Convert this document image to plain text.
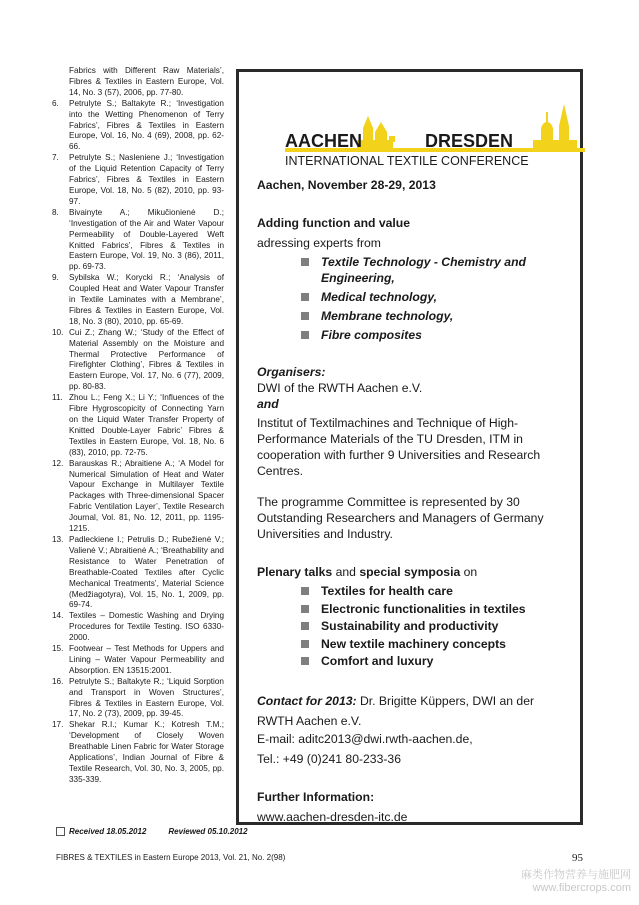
Fabrics with Different Raw Materials’, Fibres & Textiles in Eastern Europe, Vol. 14, No. 3 (57), 2006, pp. 77-80.
6.	Petrulyte S.; Baltakyte R.; ‘Investigation into the Wetting Phenomenon of Terry Fabrics’, Fibres & Textiles in Eastern Europe, Vol. 16, No. 4 (69), 2008, pp. 62-66.
7.	Petrulyte S.; Nasleniene J.; ‘Investigation of the Liquid Retention Capacity of Terry Fabrics’, Fibres & Textiles in Eastern Europe, Vol. 18, No. 5 (82), 2010, pp. 93-97.
8.	Bivainyte A.; Mikučionienė D.; ‘Investigation of the Air and Water Vapour Permeability of Double-Layered Weft Knitted Fabrics’, Fibres & Textiles in Eastern Europe, Vol. 19, No. 3 (86), 2011, pp. 69-73.
9.	Sybilska W.; Korycki R.; ‘Analysis of Coupled Heat and Water Vapour Transfer in Textile Laminates with a Membrane’, Fibres & Textiles in Eastern Europe, Vol. 18, No. 3 (80), 2010, pp. 65-69.
10. Cui Z.; Zhang W.; ‘Study of the Effect of Material Assembly on the Moisture and Thermal Protective Performance of Firefighter Clothing’, Fibres & Textiles in Eastern Europe, Vol. 17, No. 6 (77), 2009, pp. 80-83.
11. Zhou L.; Feng X.; Li Y.; ‘Influences of the Fibre Hygroscopicity of Connecting Yarn on the Liquid Water Transfer Property of Knitted Double-Layer Fabric’ Fibres & Textiles in Eastern Europe, Vol. 18, No. 6 (83), 2010, pp. 72-75.
12. Barauskas R.; Abraitiene A.; ‘A Model for Numerical Simulation of Heat and Water Vapour Exchange in Multilayer Textile Packages with Three-dimensional Spacer Fabric Ventilation Layer’, Textile Research Journal, Vol. 81, No. 12, 2011, pp. 1195-1215.
13. Padleckiene I.; Petrulis D.; Rubežienė V.; Valienė V.; Abraitienė A.; ‘Breathability and Resistance to Water Penetration of Breathable-Coated Textiles after Cyclic Mechanical Treatments’, Material Science (Medžiagotyra), Vol. 15, No. 1, 2009, pp. 69-74.
14. Textiles – Domestic Washing and Drying Procedures for Textile Testing. ISO 6330-2000.
15. Footwear – Test Methods for Uppers and Lining – Water Vapour Permeability and Absorption. EN 13515:2001.
16. Petrulyte S.; Baltakyte R.; ‘Liquid Sorption and Transport in Woven Structures’, Fibres & Textiles in Eastern Europe, Vol. 17, No. 2 (73), 2009, pp. 39-45.
17. Shekar R.I.; Kumar K.; Kotresh T.M.; ‘Development of Closely Woven Breathable Linen Fabric for Water Storage Applications’, Indian Journal of Fibre & Textile Research, Vol. 30, No. 3, 2005, pp. 335-339.
Received 18.05.2012	Reviewed 05.10.2012
FIBRES & TEXTILES in Eastern Europe 2013, Vol. 21, No. 2(98)	95
麻类作物营养与施肥网
www.fibercrops.com
AACHEN	DRESDEN
INTERNATIONAL TEXTILE CONFERENCE
Aachen, November 28-29, 2013
Adding function and value
adressing experts from
Textile Technology - Chemistry and Engineering,
Medical technology,
Membrane technology,
Fibre composites
Organisers:
DWI of the RWTH Aachen e.V.
and
Institut of Textilmachines and Technique of High-Performance Materials of the TU Dresden, ITM in cooperation with further 9 Universities and Research Centres.
The programme Committee is represented by 30 Outstanding Researchers and Managers of Germany Universities and Industry.
Plenary talks and special symposia on
Textiles for health care
Electronic functionalities in textiles
Sustainability and productivity
New textile machinery concepts
Comfort and luxury
Contact for 2013: Dr. Brigitte Küppers, DWI an der RWTH Aachen e.V.
E-mail: aditc2013@dwi.rwth-aachen.de,
Tel.: +49 (0)241 80-233-36
Further Information:
www.aachen-dresden-itc.de
